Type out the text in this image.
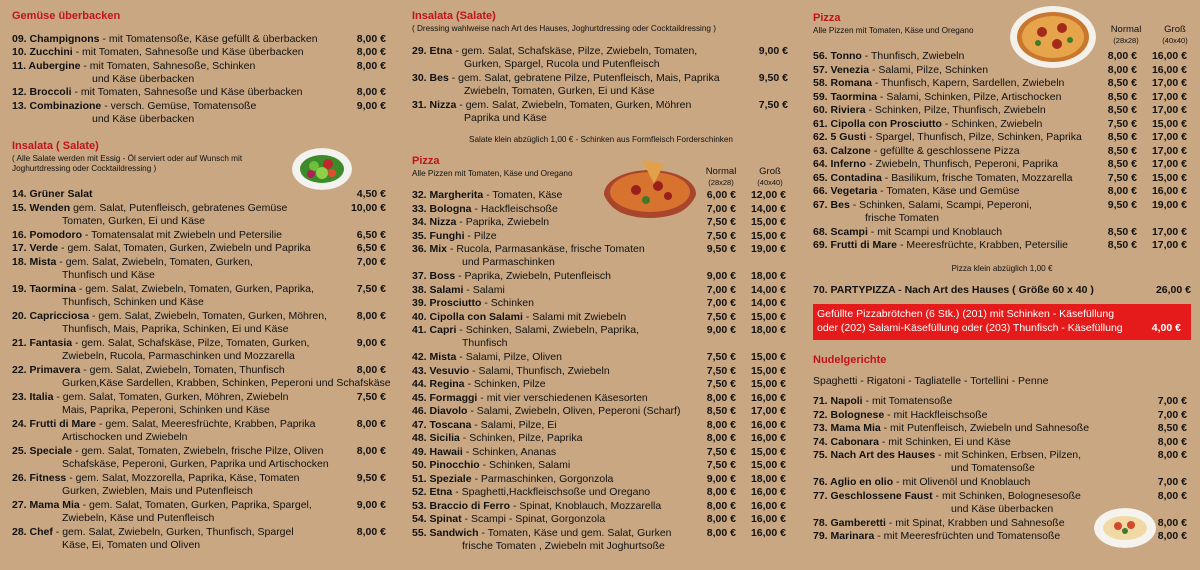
Gemüse überbacken
09. Champignons - mit Tomatensoße, Käse gefüllt & überbacken	8,00 €
10. Zucchini - mit Tomaten, Sahnesoße und Käse überbacken	8,00 €
11. Aubergine - mit Tomaten, Sahnesoße, Schinken
und Käse überbacken
8,00 €
12. Broccoli - mit Tomaten, Sahnesoße und Käse überbacken	8,00 €
13. Combinazione - versch. Gemüse, Tomatensoße
und Käse überbacken
9,00 €
Insalata ( Salate)
( Alle Salate werden mit Essig - Öl serviert oder auf Wunsch mit
Joghurtdressing oder Cocktaildressing )
14. Grüner Salat	4,50 €
15. Wenden gem. Salat, Putenfleisch, gebratenes Gemüse
Tomaten, Gurken, Ei und Käse
10,00 €
16. Pomodoro - Tomatensalat mit Zwiebeln und Petersilie	6,50 €
17. Verde - gem. Salat, Tomaten, Gurken, Zwiebeln und Paprika	6,50 €
18. Mista - gem. Salat, Zwiebeln, Tomaten, Gurken,
Thunfisch und Käse
7,00 €
19. Taormina - gem. Salat, Zwiebeln, Tomaten, Gurken, Paprika,
Thunfisch, Schinken und Käse
7,50 €
20. Capricciosa - gem. Salat, Zwiebeln, Tomaten, Gurken, Möhren,
Thunfisch, Mais, Paprika, Schinken, Ei und Käse
8,00 €
21. Fantasia - gem. Salat, Schafskäse, Pilze, Tomaten, Gurken,
Zwiebeln, Rucola, Parmaschinken und Mozzarella
9,00 €
22. Primavera - gem. Salat, Zwiebeln, Tomaten, Thunfisch
Gurken,Käse Sardellen, Krabben, Schinken, Peperoni und Schafskäse
8,00 €
23. Italia - gem. Salat, Tomaten, Gurken, Möhren, Zwiebeln
Mais, Paprika, Peperoni, Schinken und Käse
7,50 €
24. Frutti di Mare - gem. Salat, Meeresfrüchte, Krabben, Paprika
Artischocken und Zwiebeln
8,00 €
25. Speciale - gem. Salat, Tomaten, Zwiebeln, frische Pilze, Oliven
Schafskäse, Peperoni, Gurken, Paprika und Artischocken
8,00 €
26. Fitness - gem. Salat, Mozzorella, Paprika, Käse, Tomaten
Gurken, Zwieblen, Mais und Putenfleisch
9,50 €
27. Mama Mia - gem. Salat, Tomaten, Gurken, Paprika, Spargel,
Zwiebeln, Käse und Putenfleisch
9,00 €
28. Chef - gem. Salat, Zwiebeln, Gurken, Thunfisch, Spargel
Käse, Ei, Tomaten und Oliven
8,00 €
Insalata (Salate)
( Dressing wahlweise nach Art des Hauses, Joghurtdressing oder Cocktaildressing )
29. Etna - gem. Salat, Schafskäse, Pilze, Zwiebeln, Tomaten,
Gurken, Spargel, Rucola und Putenfleisch
9,00 €
30. Bes - gem. Salat, gebratene Pilze, Putenfleisch, Mais, Paprika
Zwiebeln, Tomaten, Gurken, Ei und Käse
9,50 €
31. Nizza - gem. Salat, Zwiebeln, Tomaten, Gurken, Möhren
Paprika und Käse
7,50 €
Salate klein abzüglich 1,00 € - Schinken aus Formfleisch Forderschinken
Pizza
Alle Pizzen mit Tomaten, Käse und Oregano	Normal
(28x28)
Groß
(40x40)
32. Margherita - Tomaten, Käse	6,00 € 12,00 €
33. Bologna - Hackfleischsoße	7,00 € 14,00 €
34. Nizza - Paprika, Zwiebeln	7,50 € 15,00 €
35. Funghi - Pilze	7,50 € 15,00 €
36. Mix - Rucola, Parmasankäse, frische Tomaten
und Parmaschinken
9,50 € 19,00 €
37. Boss - Paprika, Zwiebeln, Putenfleisch	9,00 € 18,00 €
38. Salami - Salami	7,00 € 14,00 €
39. Prosciutto - Schinken	7,00 € 14,00 €
40. Cipolla con Salami - Salami mit Zwiebeln	7,50 € 15,00 €
41. Capri - Schinken, Salami, Zwiebeln, Paprika,
Thunfisch
9,00 € 18,00 €
42. Mista - Salami, Pilze, Oliven	7,50 € 15,00 €
43. Vesuvio - Salami, Thunfisch, Zwiebeln	7,50 € 15,00 €
44. Regina - Schinken, Pilze	7,50 € 15,00 €
45. Formaggi - mit vier verschiedenen Käsesorten	8,00 € 16,00 €
46. Diavolo - Salami, Zwiebeln, Oliven, Peperoni (Scharf)	8,50 € 17,00 €
47. Toscana - Salami, Pilze, Ei	8,00 € 16,00 €
48. Sicilia - Schinken, Pilze, Paprika	8,00 € 16,00 €
49. Hawaii - Schinken, Ananas	7,50 € 15,00 €
50. Pinocchio - Schinken, Salami	7,50 € 15,00 €
51. Speziale - Parmaschinken, Gorgonzola	9,00 € 18,00 €
52. Etna - Spaghetti,Hackfleischsoße und Oregano	8,00 € 16,00 €
53. Braccio di Ferro - Spinat, Knoblauch, Mozzarella	8,00 € 16,00 €
54. Spinat - Scampi - Spinat, Gorgonzola	8,00 € 16,00 €
55. Sandwich - Tomaten, Käse und gem. Salat, Gurken
frische Tomaten , Zwiebeln mit Joghurtsoße
8,00 € 16,00 €
Pizza
Alle Pizzen mit Tomaten, Käse und Oregano	Normal
(28x28)
Groß
(40x40)
56. Tonno - Thunfisch, Zwiebeln	8,00 € 16,00 €
57. Venezia - Salami, Pilze, Schinken	8,00 € 16,00 €
58. Romana - Thunfisch, Kapern, Sardellen, Zwiebeln	8,50 € 17,00 €
59. Taormina - Salami, Schinken, Pilze, Artischocken	8,50 € 17,00 €
60. Riviera - Schinken, Pilze, Thunfisch, Zwiebeln	8,50 € 17,00 €
61. Cipolla con Prosciutto - Schinken, Zwiebeln	7,50 € 15,00 €
62. 5 Gusti - Spargel, Thunfisch, Pilze, Schinken, Paprika	8,50 € 17,00 €
63. Calzone - gefüllte & geschlossene Pizza	8,50 € 17,00 €
64. Inferno - Zwiebeln, Thunfisch, Peperoni, Paprika	8,50 € 17,00 €
65. Contadina - Basilikum, frische Tomaten, Mozzarella	7,50 € 15,00 €
66. Vegetaria - Tomaten, Käse und Gemüse	8,00 € 16,00 €
67. Bes - Schinken, Salami, Scampi, Peperoni,
frische Tomaten
9,50 € 19,00 €
68. Scampi - mit Scampi und Knoblauch	8,50 € 17,00 €
69. Frutti di Mare - Meeresfrüchte, Krabben, Petersilie	8,50 € 17,00 €
Pizza klein abzüglich 1,00 €
70. PARTYPIZZA - Nach Art des Hauses ( Größe 60 x 40 )	26,00 €
Gefüllte Pizzabrötchen (6 Stk.) (201) mit Schinken - Käsefüllung
oder (202) Salami-Käsefüllung oder (203) Thunfisch - Käsefüllung	4,00 €
Nudelgerichte
Spaghetti - Rigatoni - Tagliatelle - Tortellini - Penne
71. Napoli - mit Tomatensoße	7,00 €
72. Bolognese - mit Hackfleischsoße	7,00 €
73. Mama Mia - mit Putenfleisch, Zwiebeln und Sahnesoße	8,50 €
74. Cabonara - mit Schinken, Ei und Käse	8,00 €
75. Nach Art des Hauses - mit Schinken, Erbsen, Pilzen,
und Tomatensoße
8,00 €
76. Aglio en olio - mit Olivenöl und Knoblauch	7,00 €
77. Geschlossene Faust - mit Schinken, Bolognesesoße
und Käse überbacken
8,00 €
78. Gamberetti - mit Spinat, Krabben und Sahnesoße	8,00 €
79. Marinara - mit Meeresfrüchten und Tomatensoße	8,00 €
